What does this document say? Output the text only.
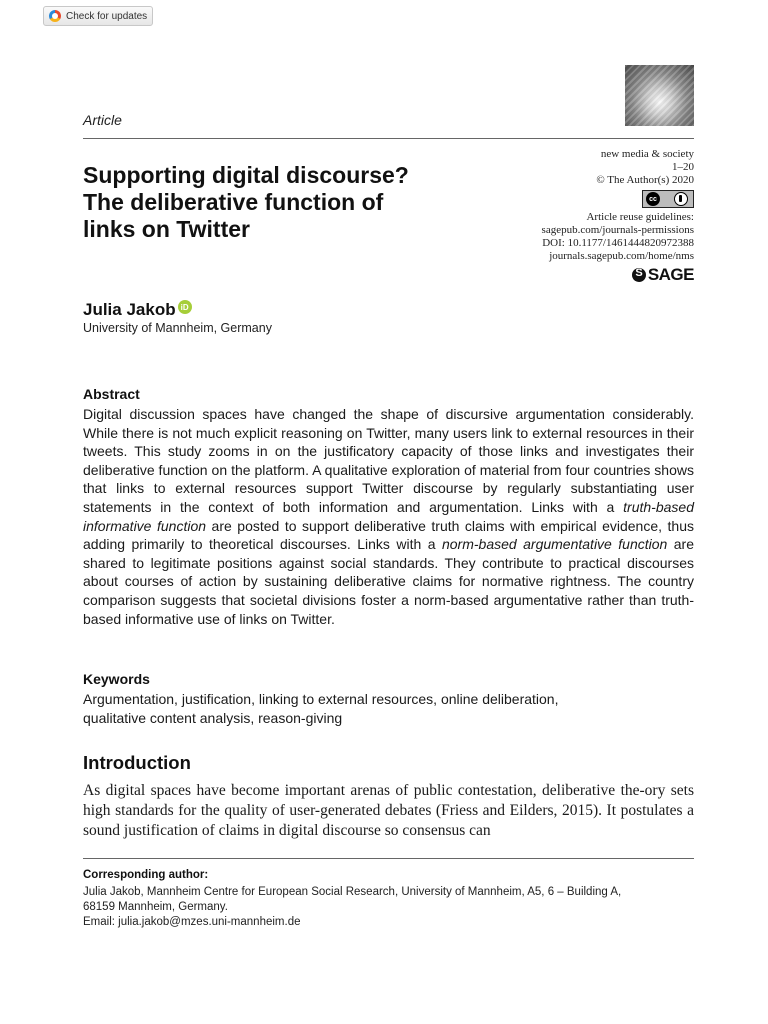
Check for updates
Article
new media & society
1–20
© The Author(s) 2020
cc
Article reuse guidelines:
sagepub.com/journals-permissions
DOI: 10.1177/1461444820972388
journals.sagepub.com/home/nms
S
SAGE
Supporting digital discourse?
The deliberative function of
links on Twitter
Julia Jakob iD
University of Mannheim, Germany
Abstract
Digital discussion spaces have changed the shape of discursive argumentation considerably. While there is not much explicit reasoning on Twitter, many users link to external resources in their tweets. This study zooms in on the justificatory capacity of those links and investigates their deliberative function on the platform. A qualitative exploration of material from four countries shows that links to external resources support Twitter discourse by regularly substantiating user statements in the context of both information and argumentation. Links with a truth-based informative function are posted to support deliberative truth claims with empirical evidence, thus adding primarily to theoretical discourses. Links with a norm-based argumentative function are shared to legitimate positions against social standards. They contribute to practical discourses about courses of action by sustaining deliberative claims for normative rightness. The country comparison suggests that societal divisions foster a norm-based argumentative rather than truth-based informative use of links on Twitter.
Keywords
Argumentation, justification, linking to external resources, online deliberation,
qualitative content analysis, reason-giving
Introduction
As digital spaces have become important arenas of public contestation, deliberative the-ory sets high standards for the quality of user-generated debates (Friess and Eilders, 2015). It postulates a sound justification of claims in digital discourse so consensus can
Corresponding author:
Julia Jakob, Mannheim Centre for European Social Research, University of Mannheim, A5, 6 – Building A,
68159 Mannheim, Germany.
Email: julia.jakob@mzes.uni-mannheim.de
